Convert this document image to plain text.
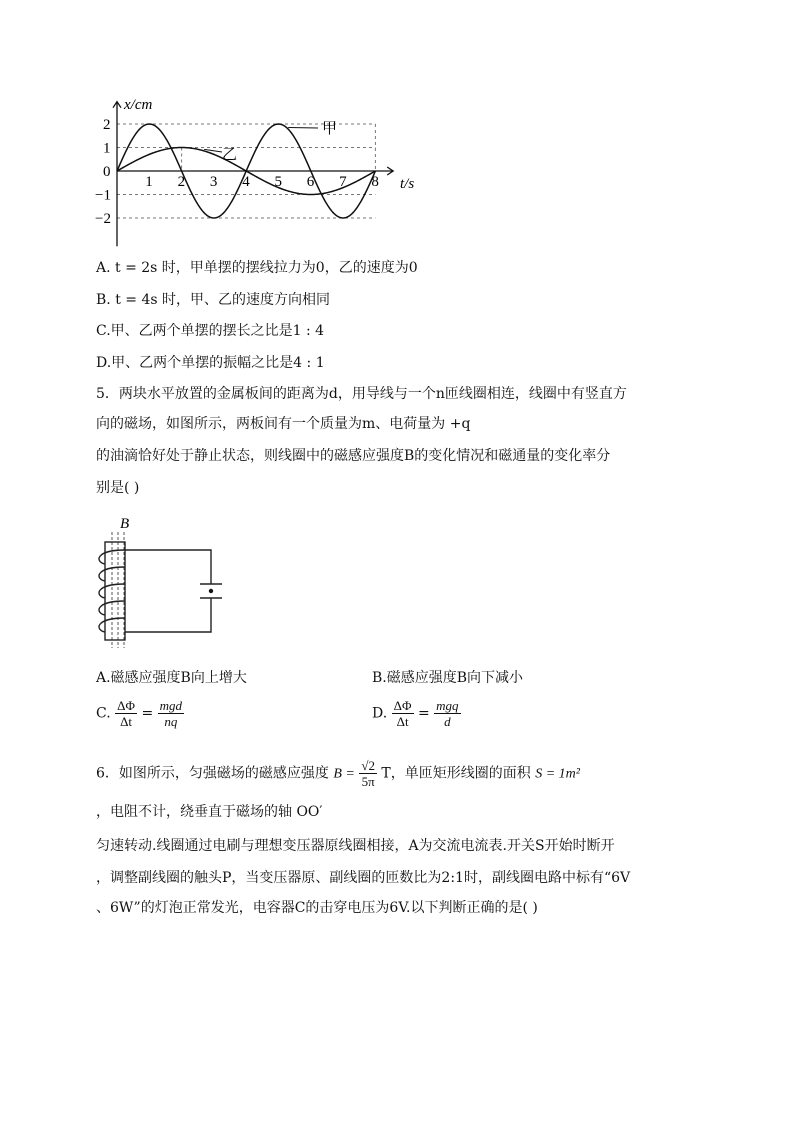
1 2 3 4 5 6 7 8
2
1
0
−1
−2
x/cm
t/s
甲
乙
A. t = 2s 时，甲单摆的摆线拉力为0，乙的速度为0
B. t = 4s 时，甲、乙的速度方向相同
C.甲、乙两个单摆的摆长之比是1 : 4
D.甲、乙两个单摆的振幅之比是4 : 1
5．两块水平放置的金属板间的距离为d，用导线与一个n匝线圈相连，线圈中有竖直方
向的磁场，如图所示，两板间有一个质量为m、电荷量为 +q
的油滴恰好处于静止状态，则线圈中的磁感应强度B的变化情况和磁通量的变化率分
别是( )
B
A.磁感应强度B向上增大	B.磁感应强度B向下减小
C. $\frac{\Delta\Phi}{\Delta t} = \frac{\text{mgd}}{nq}$	D. $\frac{\Delta\Phi}{\Delta t} = \frac{\text{mgq}}{d}$
6．如图所示，匀强磁场的磁感应强度 $B = \frac{√2}{5\pi}$ T，单匝矩形线圈的面积 S = 1m²
，电阻不计，绕垂直于磁场的轴 OO′
匀速转动.线圈通过电刷与理想变压器原线圈相接，A为交流电流表.开关S开始时断开
，调整副线圈的触头P，当变压器原、副线圈的匝数比为2:1时，副线圈电路中标有“6V
、6W”的灯泡正常发光，电容器C的击穿电压为6V.以下判断正确的是( )
